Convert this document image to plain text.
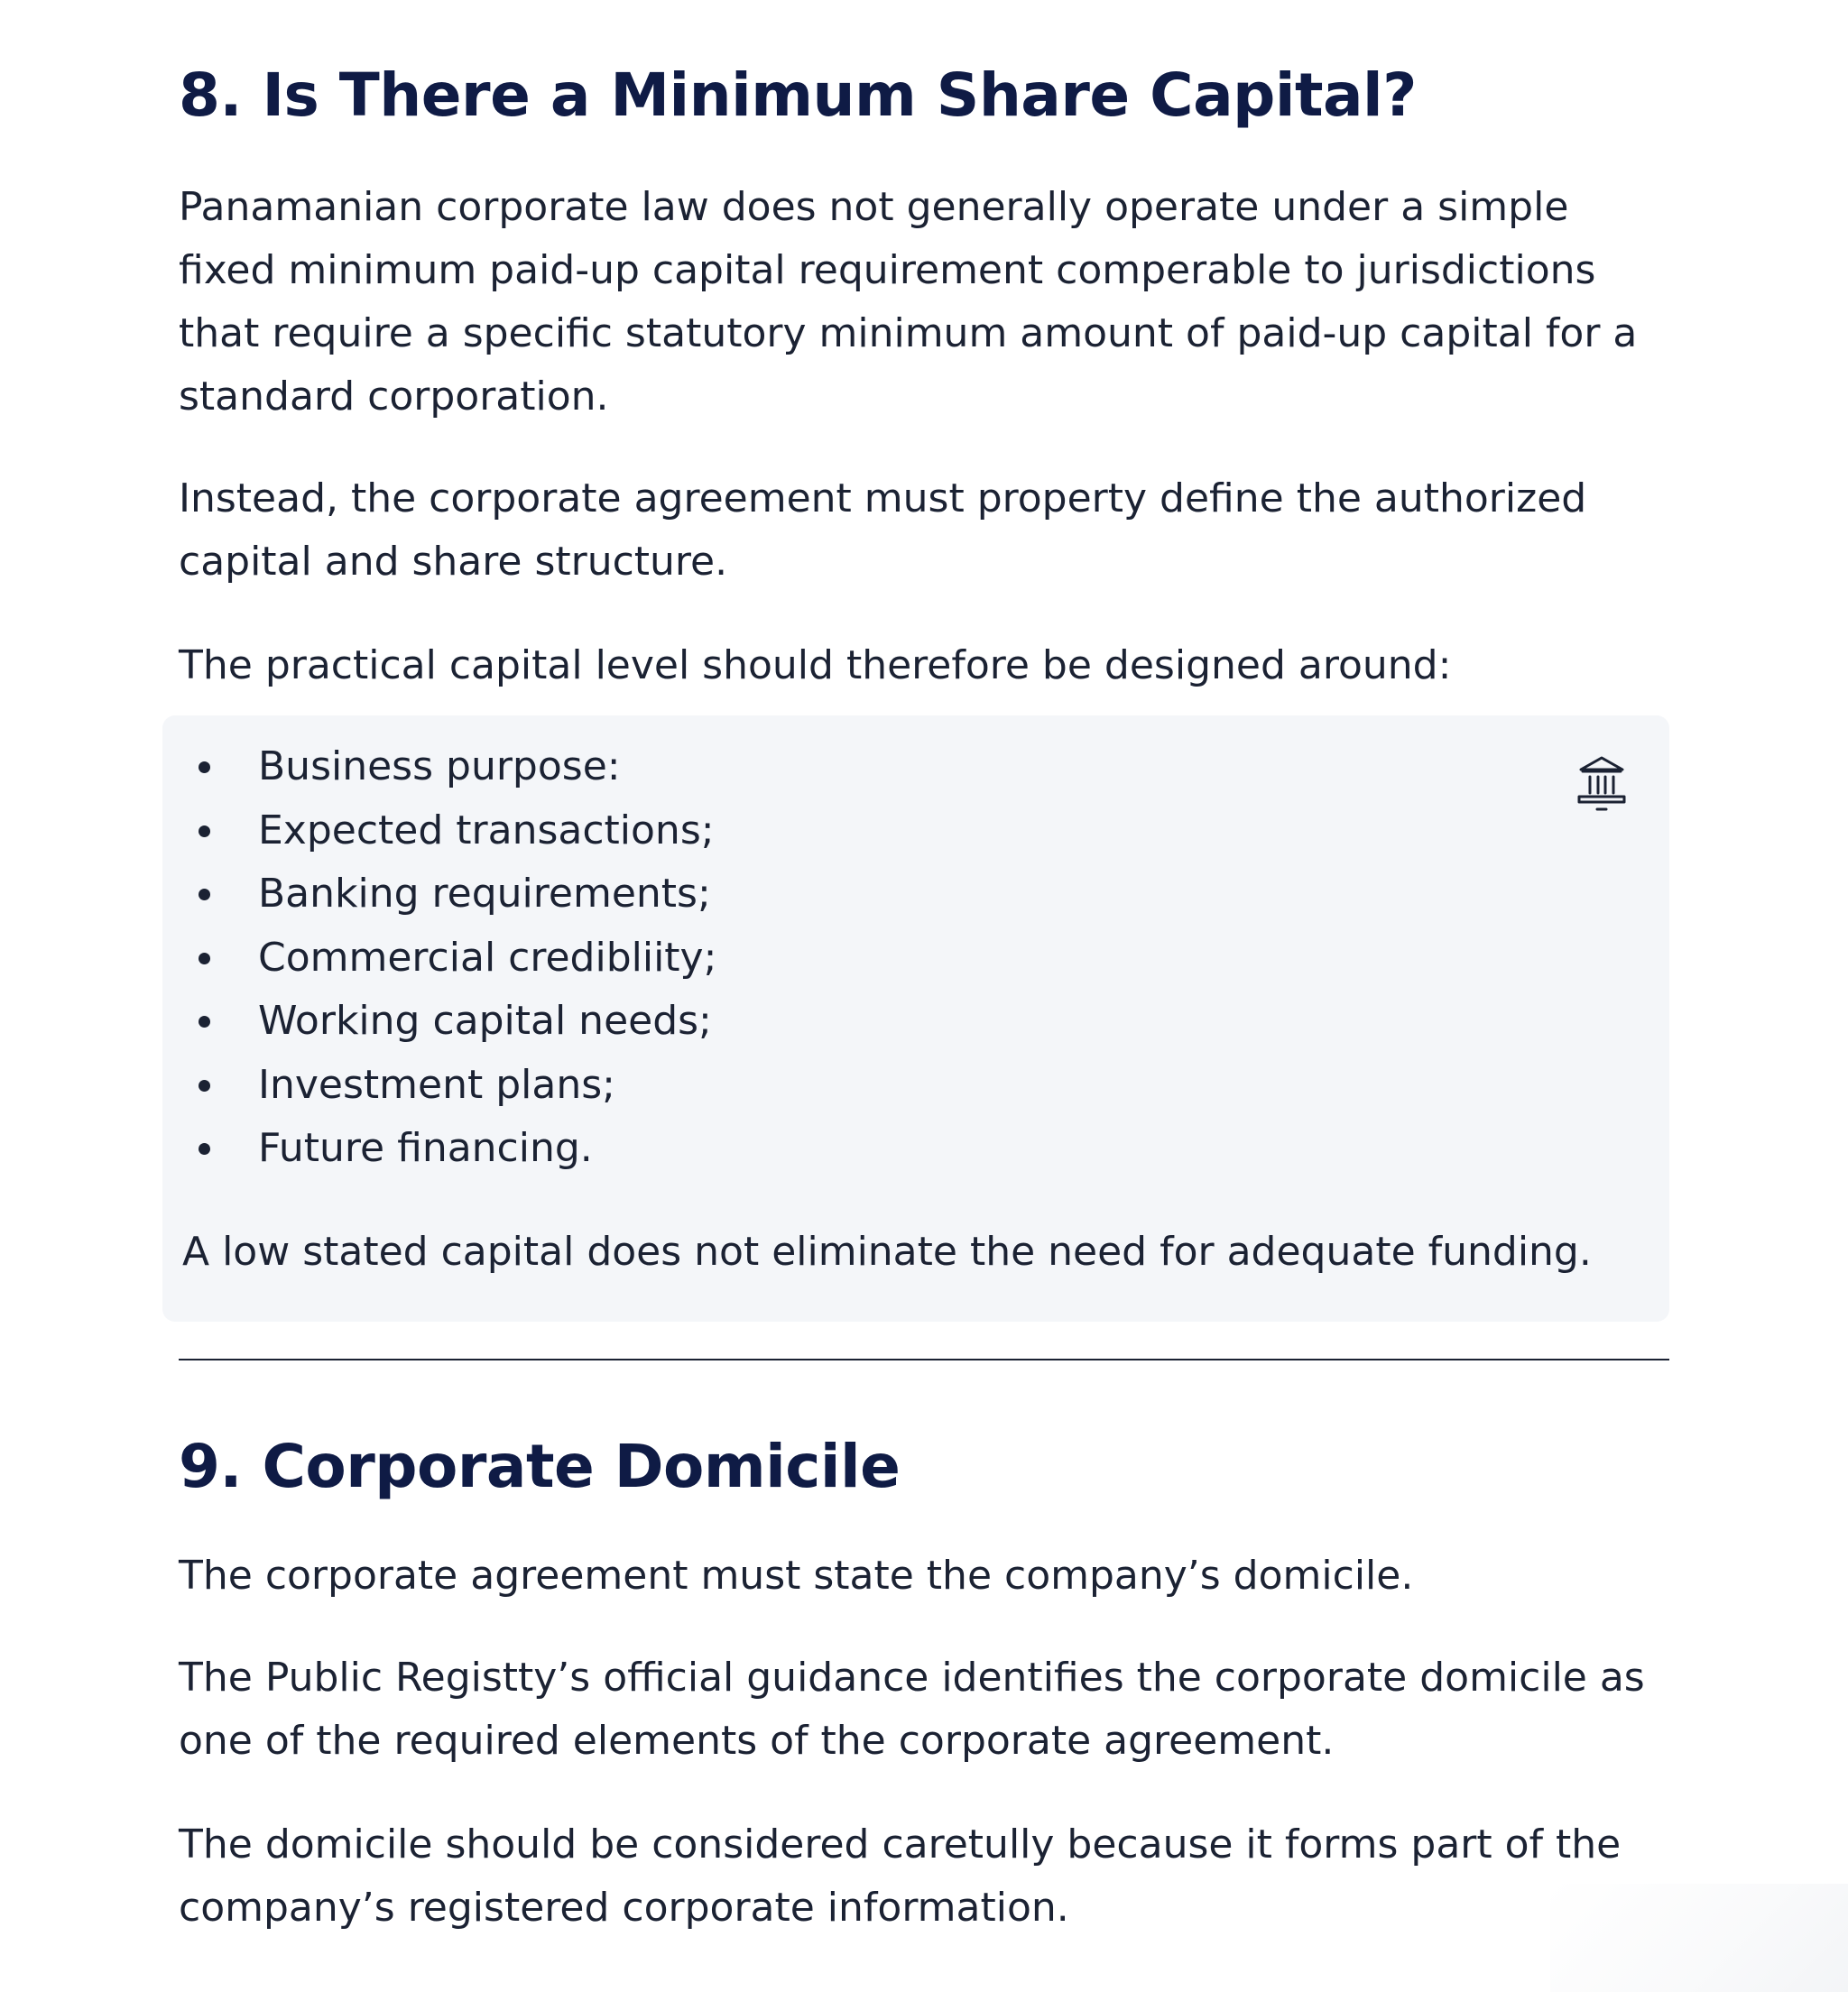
8. Is There a Minimum Share Capital?

Panamanian corporate law does not generally operate under a simple fixed minimum paid-up capital requirement comperable to jurisdictions that require a specific statutory minimum amount of paid-up capital for a standard corporation.

Instead, the corporate agreement must property define the authorized capital and share structure.

The practical capital level should therefore be designed around:

Business purpose:
Expected transactions;
Banking requirements;
Commercial credibliity;
Working capital needs;
Investment plans;
Future financing.
A low stated capital does not eliminate the need for adequate funding.
9. Corporate Domicile

The corporate agreement must state the company’s domicile.

The Public Registty’s official guidance identifies the corporate domicile as one of the required elements of the corporate agreement.

The domicile should be considered caretully because it forms part of the company’s registered corporate information.
